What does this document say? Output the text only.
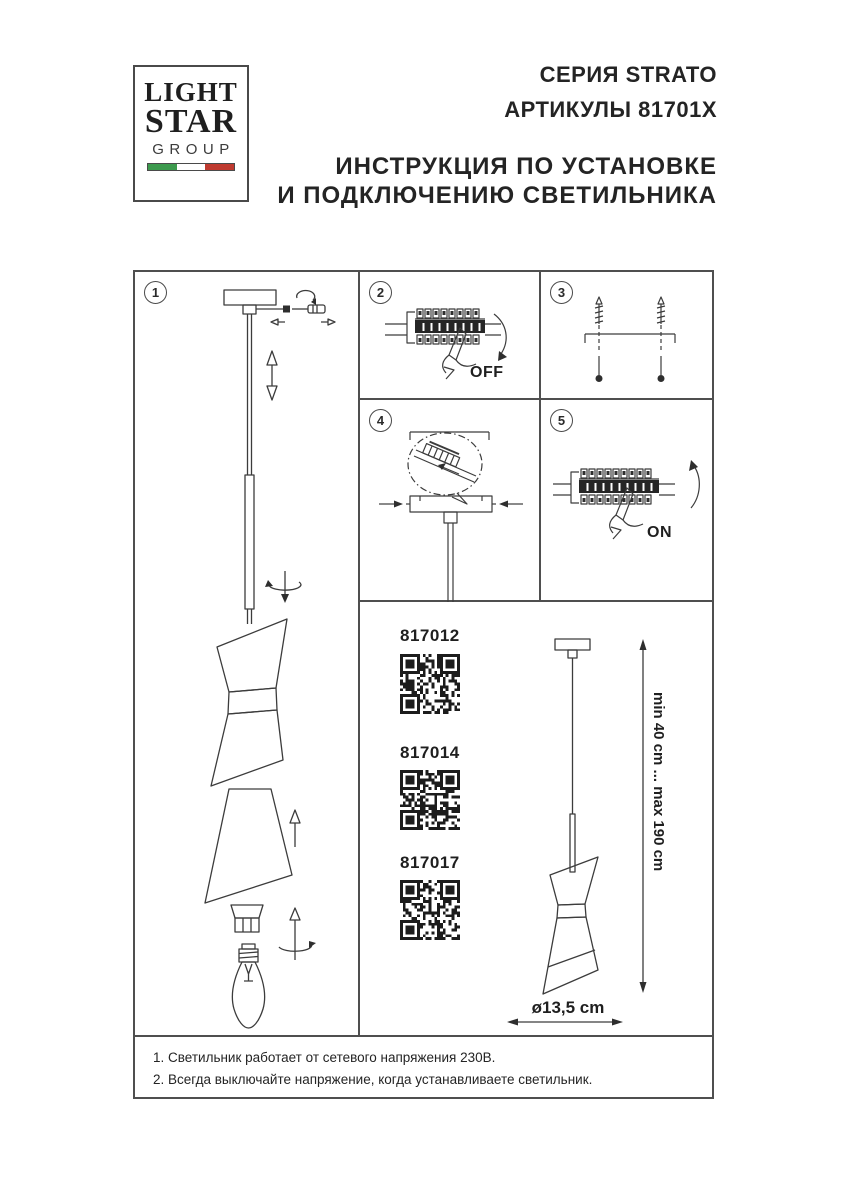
LIGHT
STAR
GROUP
СЕРИЯ STRATO
АРТИКУЛЫ 81701X
ИНСТРУКЦИЯ ПО УСТАНОВКЕ
И ПОДКЛЮЧЕНИЮ СВЕТИЛЬНИКА
1	2
OFF
3
4	5
ON
817012
817014
817017	min 40 cm ... max 190 cm
ø13,5 cm
1. Светильник работает от сетевого напряжения 230В.
2. Всегда выключайте напряжение, когда устанавливаете светильник.
